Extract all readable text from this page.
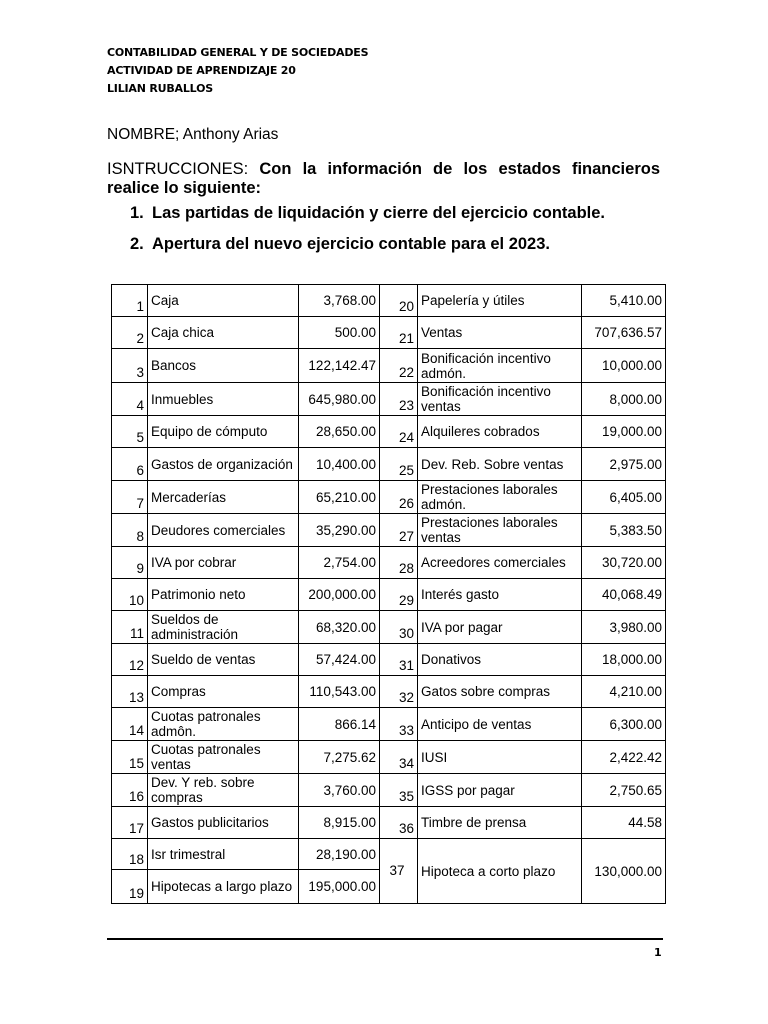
CONTABILIDAD GENERAL Y DE SOCIEDADES
ACTIVIDAD DE APRENDIZAJE 20
LILIAN RUBALLOS
NOMBRE; Anthony Arias
ISNTRUCCIONES: Con la información de los estados financieros realice lo siguiente:
1. Las partidas de liquidación y cierre del ejercicio contable.
2. Apertura del nuevo ejercicio contable para el 2023.
1	Caja	3,768.00	20	Papelería y útiles	5,410.00
2	Caja chica	500.00	21	Ventas	707,636.57
3	Bancos	122,142.47	22	Bonificación incentivo admón.	10,000.00
4	Inmuebles	645,980.00	23	Bonificación incentivo ventas	8,000.00
5	Equipo de cómputo	28,650.00	24	Alquileres cobrados	19,000.00
6	Gastos de organización	10,400.00	25	Dev. Reb. Sobre ventas	2,975.00
7	Mercaderías	65,210.00	26	Prestaciones laborales admón.	6,405.00
8	Deudores comerciales	35,290.00	27	Prestaciones laborales ventas	5,383.50
9	IVA por cobrar	2,754.00	28	Acreedores comerciales	30,720.00
10	Patrimonio neto	200,000.00	29	Interés gasto	40,068.49
11	Sueldos de administración	68,320.00	30	IVA por pagar	3,980.00
12	Sueldo de ventas	57,424.00	31	Donativos	18,000.00
13	Compras	110,543.00	32	Gatos sobre compras	4,210.00
14	Cuotas patronales admôn.	866.14	33	Anticipo de ventas	6,300.00
15	Cuotas patronales ventas	7,275.62	34	IUSI	2,422.42
16	Dev. Y reb. sobre compras	3,760.00	35	IGSS por pagar	2,750.65
17	Gastos publicitarios	8,915.00	36	Timbre de prensa	44.58
18	Isr trimestral	28,190.00	37	Hipoteca a corto plazo	130,000.00
19	Hipotecas a largo plazo	195,000.00			
1
